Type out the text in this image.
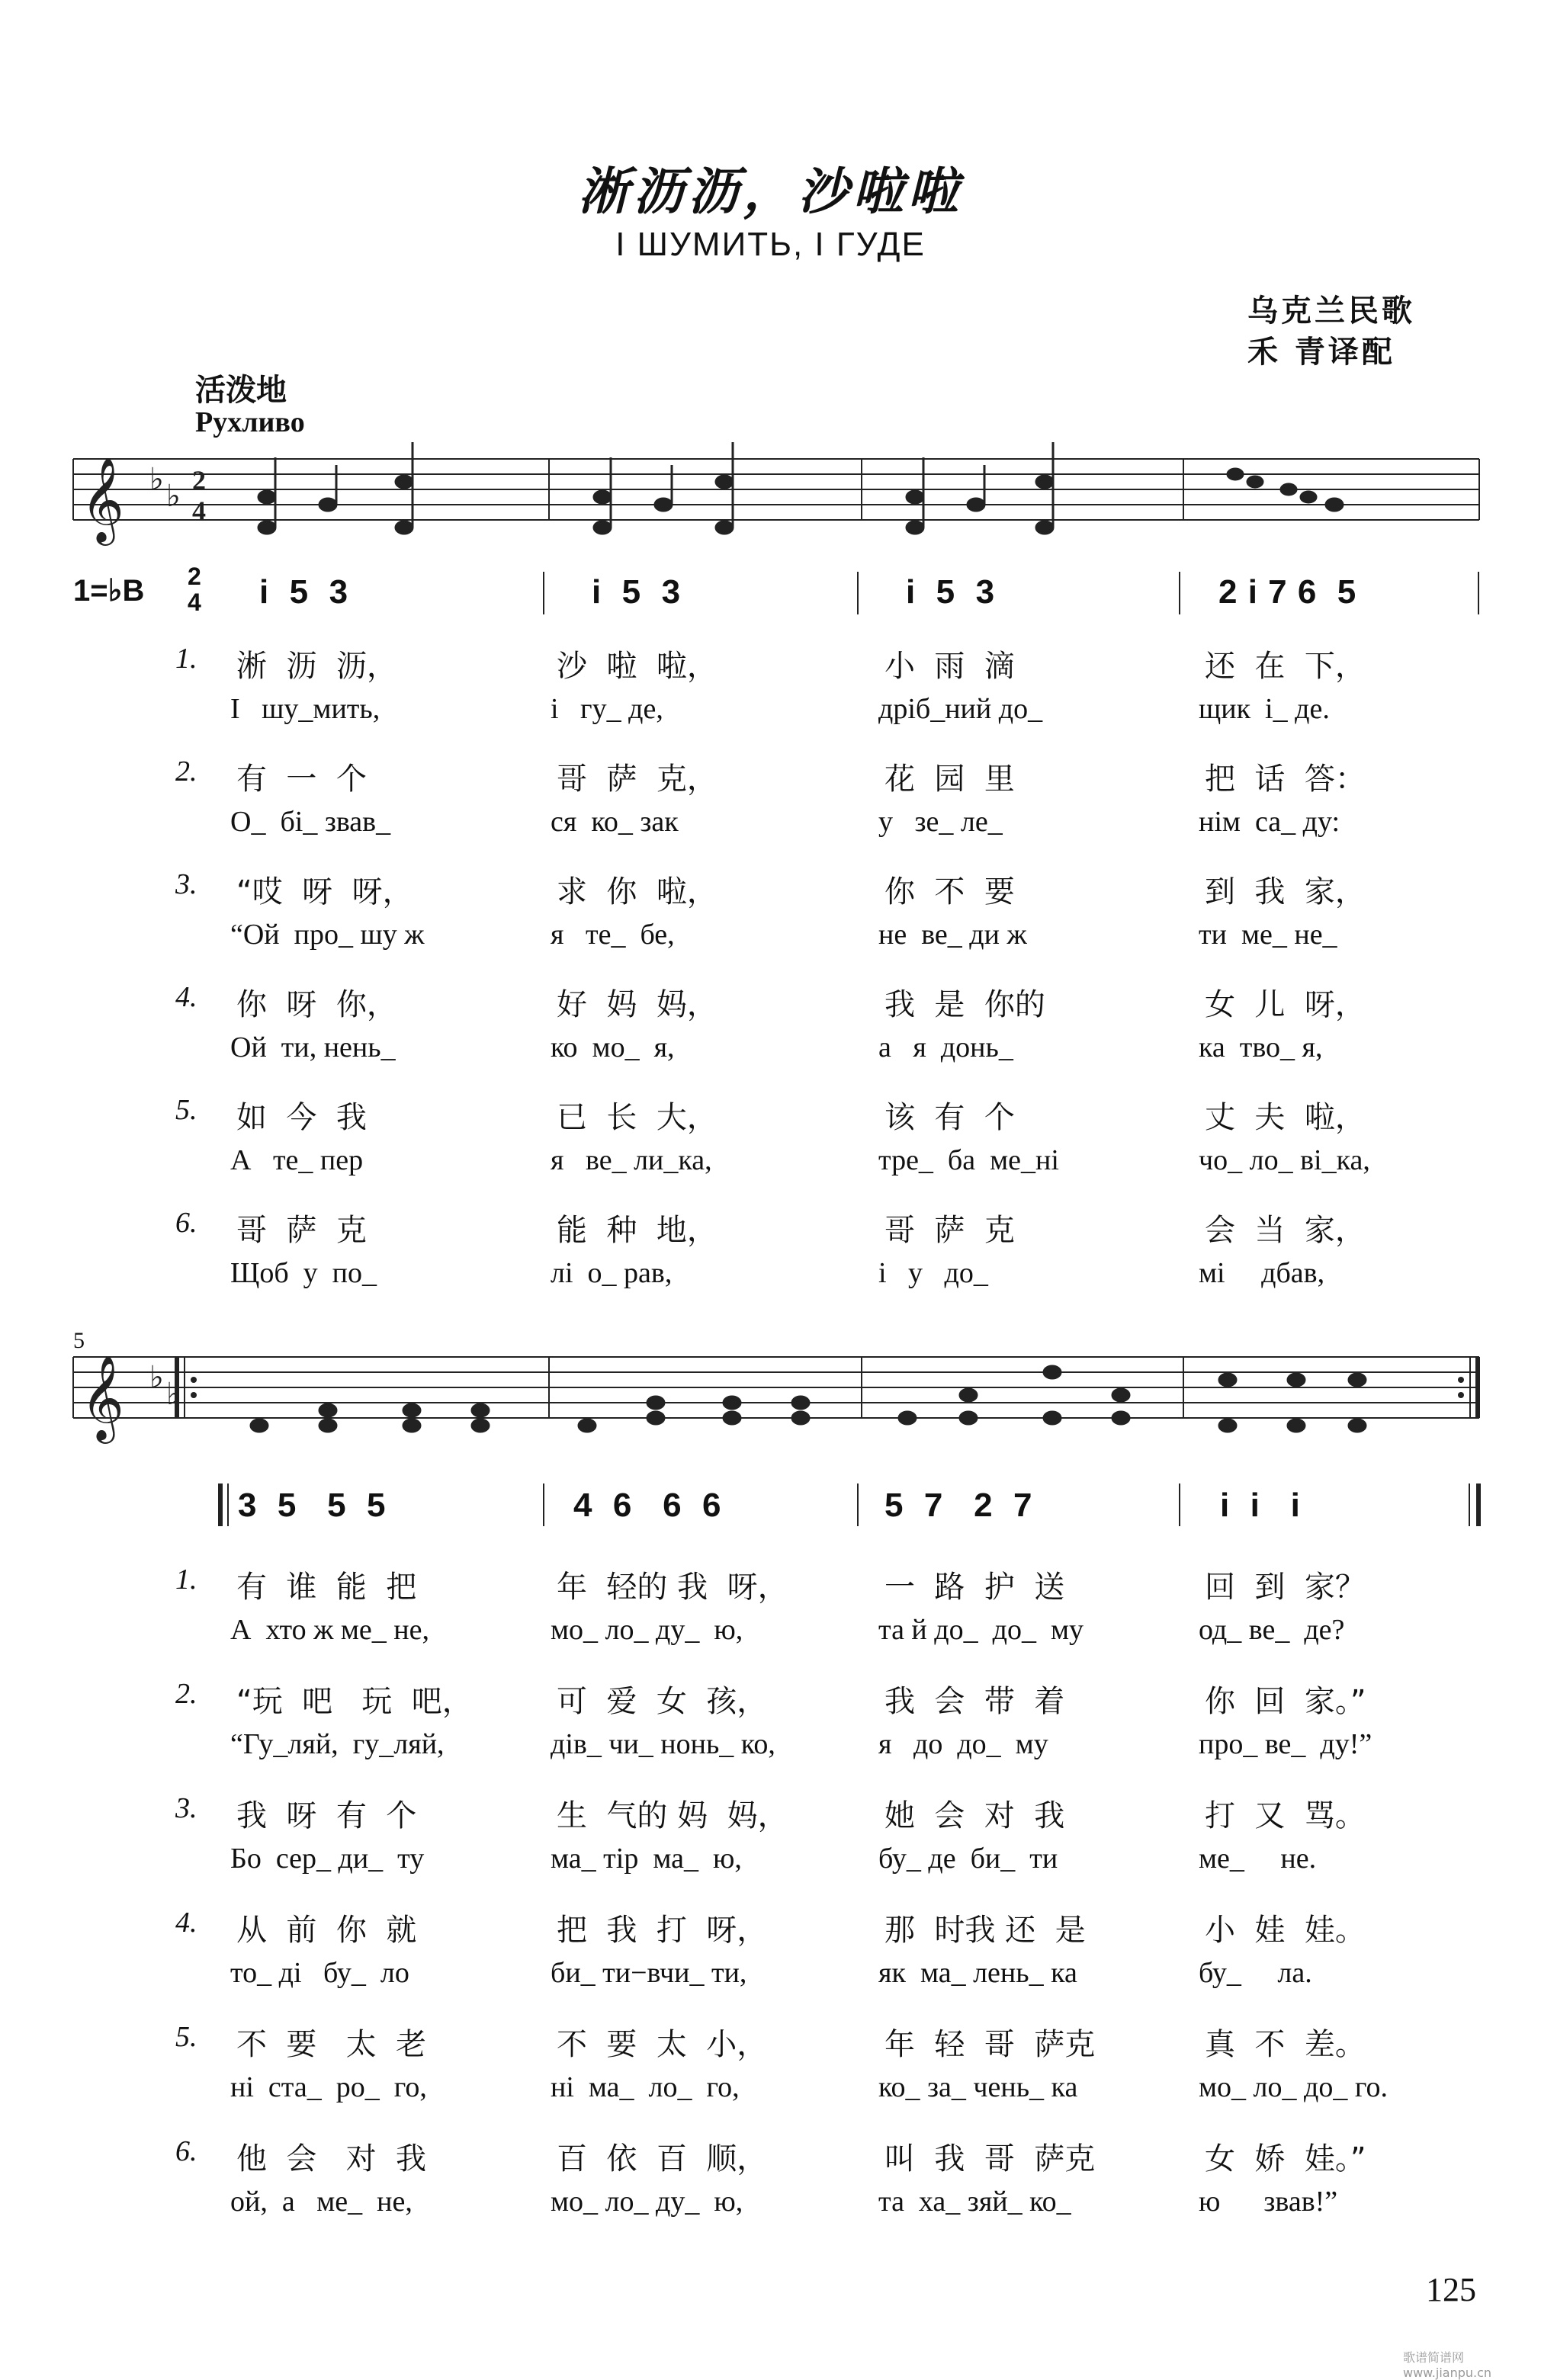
淅沥沥，沙啦啦
І ШУМИТЬ, І ГУДЕ
乌克兰民歌
禾 青译配
活泼地
Рухливо
𝄞 ♭ ♭ 2
4
1=♭B 2
4 i  5  3	i  5  3	i  5  3	2 i 7 6  5
1. 淅  沥  沥，	沙  啦  啦，	小  雨  滴	还  在  下，
І   шу_мить,	і   гу_ де,	дріб_ний до_	щик  і_ де.
2. 有  一  个	哥  萨  克，	花  园  里	把  话  答：
О_  бі_ звав_	ся  ко_ зак	у   зе_ ле_	нім  са_ ду:
3. “哎  呀  呀，	求  你  啦，	你  不  要	到  我  家，
“Ой  про_ шу ж	я   те_  бе,	не  ве_ ди ж	ти  ме_ не_
4. 你  呀  你，	好  妈  妈，	我  是  你的	女  儿  呀，
Ой  ти, нень_	ко  мо_  я,	а   я  донь_	ка  тво_ я,
5. 如  今  我	已  长  大，	该  有  个	丈  夫  啦，
А   те_ пер	я   ве_ ли_ка,	тре_  ба  ме_ні	чо_ ло_ ві_ка,
6. 哥  萨  克	能  种  地，	哥  萨  克	会  当  家，
Щоб  у  по_	лі  о_ рав,	і   у   до_	мі     дбав,
5
𝄞 ♭ ♭
3  5   5  5	4  6   6  6	5  7   2  7	i  i   i
1. 有  谁  能  把	年  轻的 我  呀，	一  路  护  送	回  到  家？
А  хто ж ме_ не,	мо_ ло_ ду_  ю,	та й до_  до_  му	од_ ве_  де?
2. “玩  吧   玩  吧，	可  爱  女  孩，	我  会  带  着	你  回  家。”
“Гу_ляй,  гу_ляй,	дів_ чи_ нонь_ ко,	я   до  до_  му	про_ ве_  ду!”
3. 我  呀  有  个	生  气的 妈  妈，	她  会  对  我	打  又  骂。
Бо  сер_ ди_  ту	ма_ тір  ма_  ю,	бу_ де  би_  ти	ме_     не.
4. 从  前  你  就	把  我  打  呀，	那  时我 还  是	小  娃  娃。
то_ ді   бу_  ло	би_ ти−вчи_ ти,	як  ма_ лень_ ка	бу_     ла.
5. 不  要   太  老	不  要  太  小，	年  轻  哥  萨克	真  不  差。
ні  ста_  ро_  го,	ні  ма_  ло_  го,	ко_ за_ чень_ ка	мо_ ло_ до_ го.
6. 他  会   对  我	百  依  百  顺，	叫  我  哥  萨克	女  娇  娃。”
ой,  а   ме_  не,	мо_ ло_ ду_  ю,	та  ха_ зяй_ ко_	ю      звав!”
125
歌谱简谱网 www.jianpu.cn
